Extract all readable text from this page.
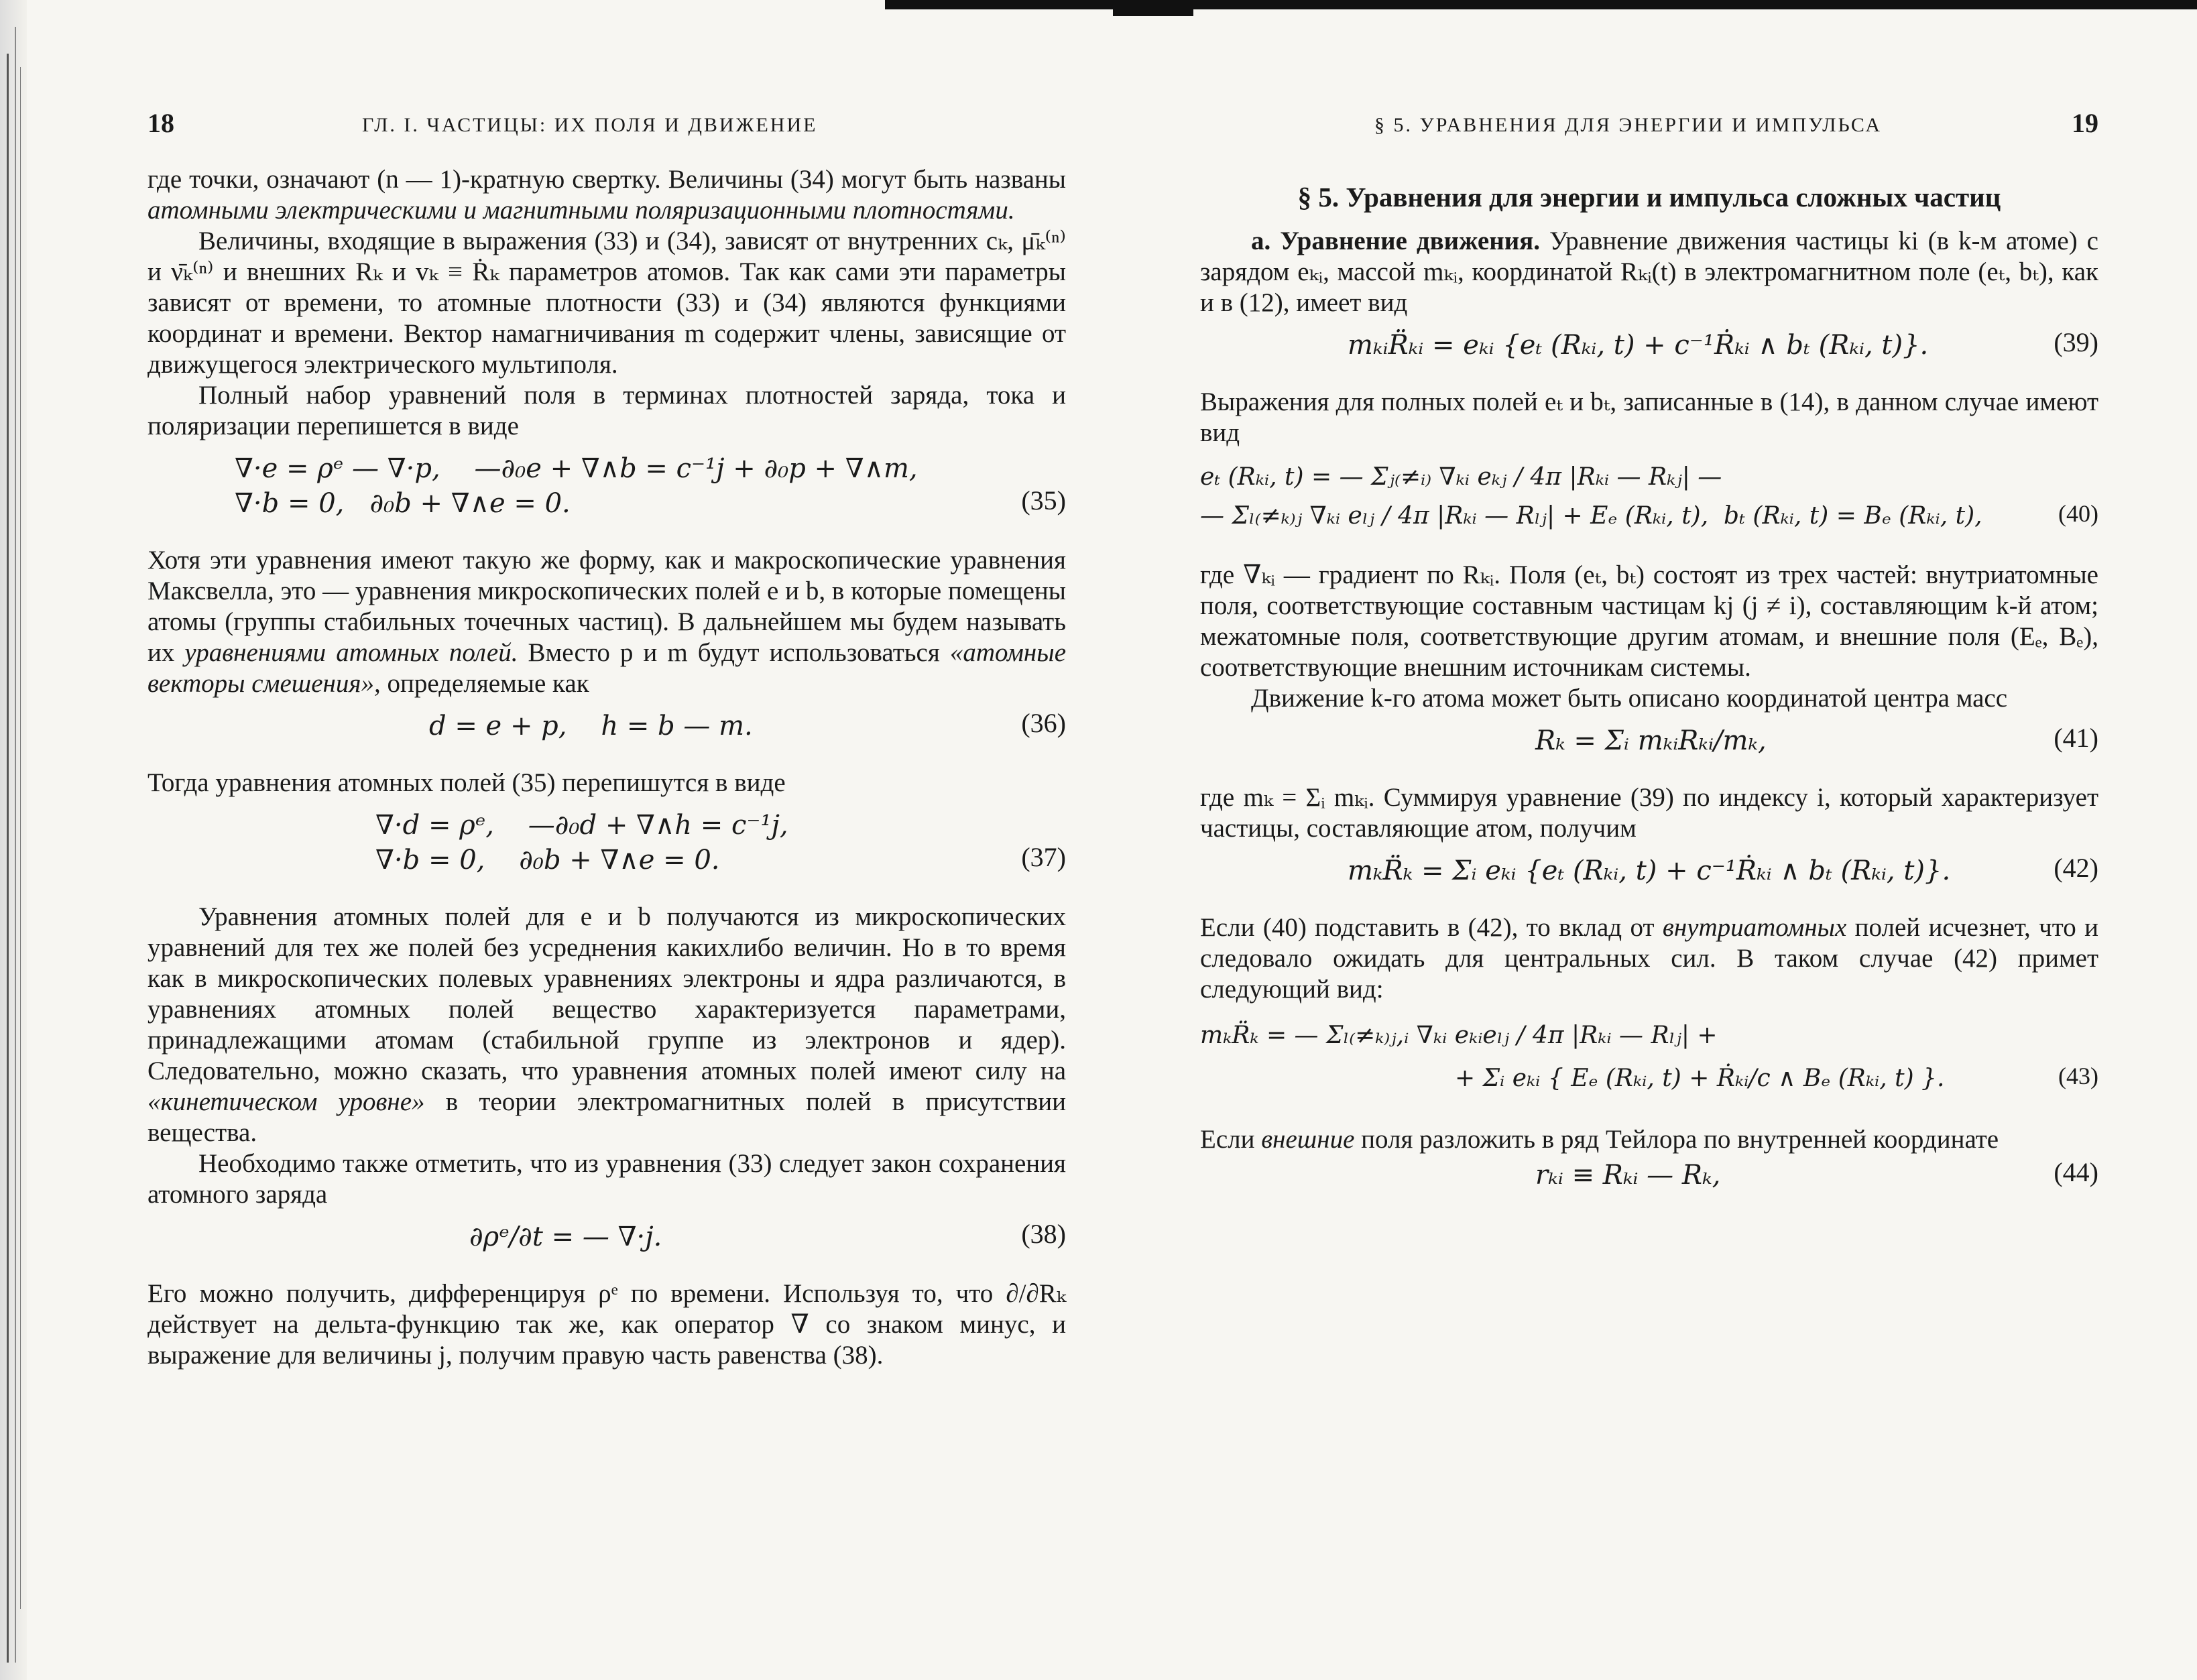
18	ГЛ. I. ЧАСТИЦЫ: ИХ ПОЛЯ И ДВИЖЕНИЕ

где точки, означают (n — 1)-кратную свертку. Величины (34) могут быть названы атомными электрическими и магнитными поляризационными плотностями.

Величины, входящие в выражения (33) и (34), зависят от внутренних cₖ, μ̄ₖ⁽ⁿ⁾ и ν̄ₖ⁽ⁿ⁾ и внешних Rₖ и vₖ ≡ Ṙₖ параметров атомов. Так как сами эти параметры зависят от времени, то атомные плотности (33) и (34) являются функциями координат и времени. Вектор намагничивания m содержит члены, зависящие от движущегося электрического мультиполя.

Полный набор уравнений поля в терминах плотностей заряда, тока и поляризации перепишется в виде

∇·e = ρᵉ — ∇·p,    —∂₀e + ∇∧b = c⁻¹j + ∂₀p + ∇∧m,
∇·b = 0,   ∂₀b + ∇∧e = 0.	(35)

Хотя эти уравнения имеют такую же форму, как и макроскопические уравнения Максвелла, это — уравнения микроскопических полей e и b, в которые помещены атомы (группы стабильных точечных частиц). В дальнейшем мы будем называть их уравнениями атомных полей. Вместо p и m будут использоваться «атомные векторы смешения», определяемые как

d = e + p,    h = b — m.	(36)

Тогда уравнения атомных полей (35) перепишутся в виде

∇·d = ρᵉ,    —∂₀d + ∇∧h = c⁻¹j,
∇·b = 0,    ∂₀b + ∇∧e = 0.	(37)

Уравнения атомных полей для e и b получаются из микроскопических уравнений для тех же полей без усреднения какихлибо величин. Но в то время как в микроскопических полевых уравнениях электроны и ядра различаются, в уравнениях атомных полей вещество характеризуется параметрами, принадлежащими атомам (стабильной группе из электронов и ядер). Следовательно, можно сказать, что уравнения атомных полей имеют силу на «кинетическом уровне» в теории электромагнитных полей в присутствии вещества.

Необходимо также отметить, что из уравнения (33) следует закон сохранения атомного заряда

∂ρᵉ/∂t = — ∇·j.	(38)

Его можно получить, дифференцируя ρᵉ по времени. Используя то, что ∂/∂Rₖ действует на дельта-функцию так же, как оператор ∇ со знаком минус, и выражение для величины j, получим правую часть равенства (38).

§ 5. УРАВНЕНИЯ ДЛЯ ЭНЕРГИИ И ИМПУЛЬСА	19
§ 5. Уравнения для энергии и импульса сложных частиц

а. Уравнение движения. Уравнение движения частицы ki (в k-м атоме) с зарядом eₖᵢ, массой mₖᵢ, координатой Rₖᵢ(t) в электромагнитном поле (eₜ, bₜ), как и в (12), имеет вид

mₖᵢR̈ₖᵢ = eₖᵢ {eₜ (Rₖᵢ, t) + c⁻¹Ṙₖᵢ ∧ bₜ (Rₖᵢ, t)}.	(39)

Выражения для полных полей eₜ и bₜ, записанные в (14), в данном случае имеют вид

eₜ (Rₖᵢ, t) = — Σⱼ₍≠ᵢ₎ ∇ₖᵢ eₖⱼ / 4π |Rₖᵢ — Rₖⱼ| —
— Σₗ₍≠ₖ₎ⱼ ∇ₖᵢ eₗⱼ / 4π |Rₖᵢ — Rₗⱼ| + Eₑ (Rₖᵢ, t),  bₜ (Rₖᵢ, t) = Bₑ (Rₖᵢ, t),	(40)

где ∇ₖᵢ — градиент по Rₖᵢ. Поля (eₜ, bₜ) состоят из трех частей: внутриатомные поля, соответствующие составным частицам kj (j ≠ i), составляющим k-й атом; межатомные поля, соответствующие другим атомам, и внешние поля (Eₑ, Bₑ), соответствующие внешним источникам системы.

Движение k-го атома может быть описано координатой центра масс

Rₖ = Σᵢ mₖᵢRₖᵢ/mₖ,	(41)

где mₖ = Σᵢ mₖᵢ. Суммируя уравнение (39) по индексу i, который характеризует частицы, составляющие атом, получим

mₖR̈ₖ = Σᵢ eₖᵢ {eₜ (Rₖᵢ, t) + c⁻¹Ṙₖᵢ ∧ bₜ (Rₖᵢ, t)}.	(42)

Если (40) подставить в (42), то вклад от внутриатомных полей исчезнет, что и следовало ожидать для центральных сил. В таком случае (42) примет следующий вид:

mₖR̈ₖ = — Σₗ₍≠ₖ₎ⱼ,ᵢ ∇ₖᵢ eₖᵢeₗⱼ / 4π |Rₖᵢ — Rₗⱼ| +
+ Σᵢ eₖᵢ { Eₑ (Rₖᵢ, t) + Ṙₖᵢ/c ∧ Bₑ (Rₖᵢ, t) }.	(43)

Если внешние поля разложить в ряд Тейлора по внутренней координате

rₖᵢ ≡ Rₖᵢ — Rₖ,	(44)
